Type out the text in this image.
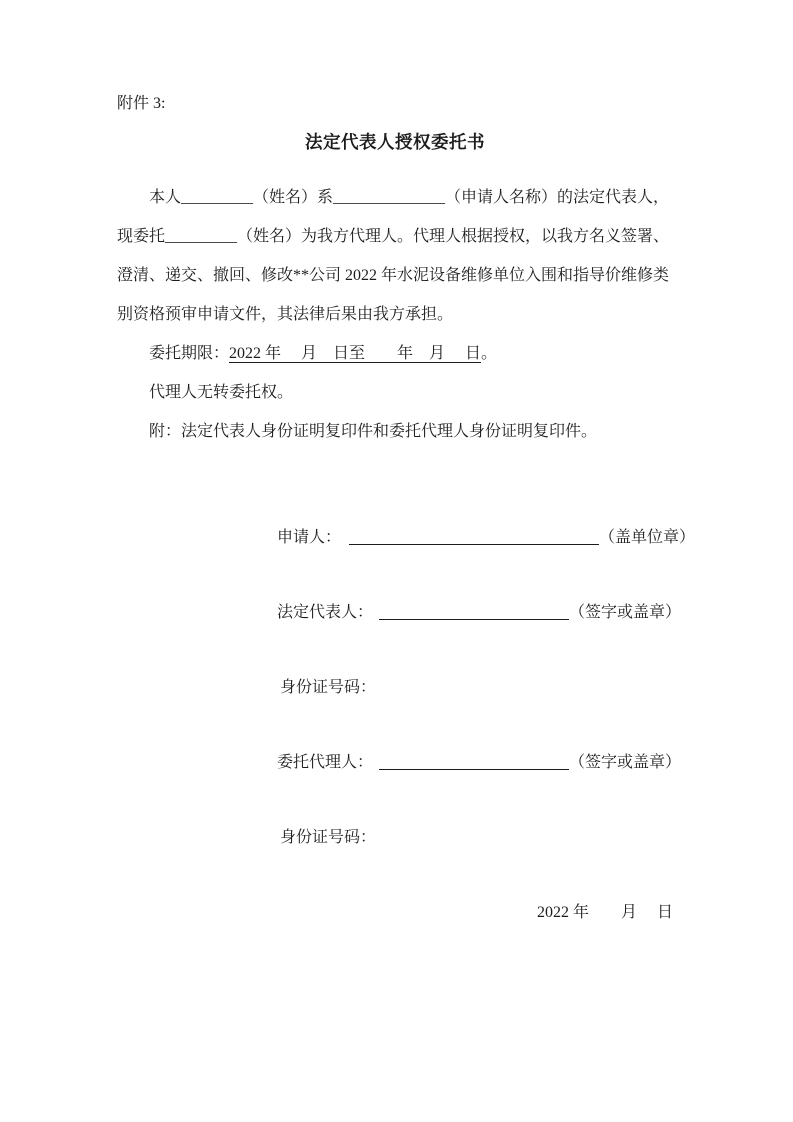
附件 3:
法定代表人授权委托书
本人_________（姓名）系______________（申请人名称）的法定代表人，
现委托_________（姓名）为我方代理人。代理人根据授权，以我方名义签署、
澄清、递交、撤回、修改**公司 2022 年水泥设备维修单位入围和指导价维修类
别资格预审申请文件，其法律后果由我方承担。
委托期限：2022 年　 月　日至　　年　月　 日。
代理人无转委托权。
附：法定代表人身份证明复印件和委托代理人身份证明复印件。
申请人：	（盖单位章）
法定代表人：	（签字或盖章）
身份证号码：
委托代理人：	（签字或盖章）
身份证号码：
2022 年　　月　 日
